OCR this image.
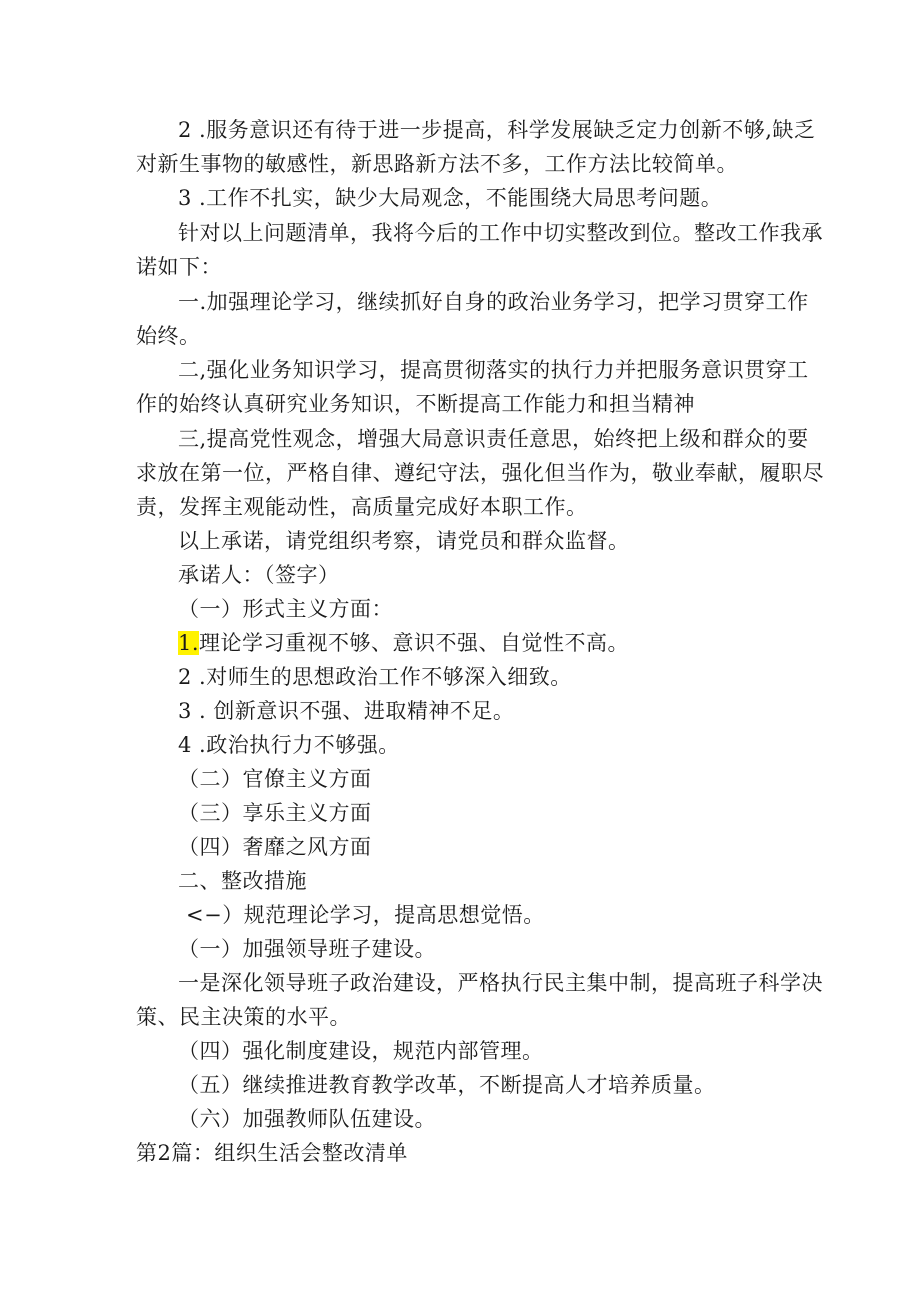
2 .服务意识还有待于进一步提高，科学发展缺乏定力创新不够,缺乏
对新生事物的敏感性，新思路新方法不多，工作方法比较简单。
3 .工作不扎实，缺少大局观念，不能围绕大局思考问题。
针对以上问题清单，我将今后的工作中切实整改到位。整改工作我承
诺如下：
一.加强理论学习，继续抓好自身的政治业务学习，把学习贯穿工作
始终。
二,强化业务知识学习，提高贯彻落实的执行力并把服务意识贯穿工
作的始终认真研究业务知识，不断提高工作能力和担当精神
三,提高党性观念，增强大局意识责任意思，始终把上级和群众的要
求放在第一位，严格自律、遵纪守法，强化但当作为，敬业奉献，履职尽
责，发挥主观能动性，高质量完成好本职工作。
以上承诺，请党组织考察，请党员和群众监督。
承诺人：（签字）
（一）形式主义方面：
1.理论学习重视不够、意识不强、自觉性不高。
2 .对师生的思想政治工作不够深入细致。
3 . 创新意识不强、进取精神不足。
4 .政治执行力不够强。
（二）官僚主义方面
（三）享乐主义方面
（四）奢靡之风方面
二、整改措施
<−）规范理论学习，提高思想觉悟。
（一）加强领导班子建设。
一是深化领导班子政治建设，严格执行民主集中制，提高班子科学决
策、民主决策的水平。
（四）强化制度建设，规范内部管理。
（五）继续推进教育教学改革，不断提高人才培养质量。
（六）加强教师队伍建设。
第2篇：组织生活会整改清单
